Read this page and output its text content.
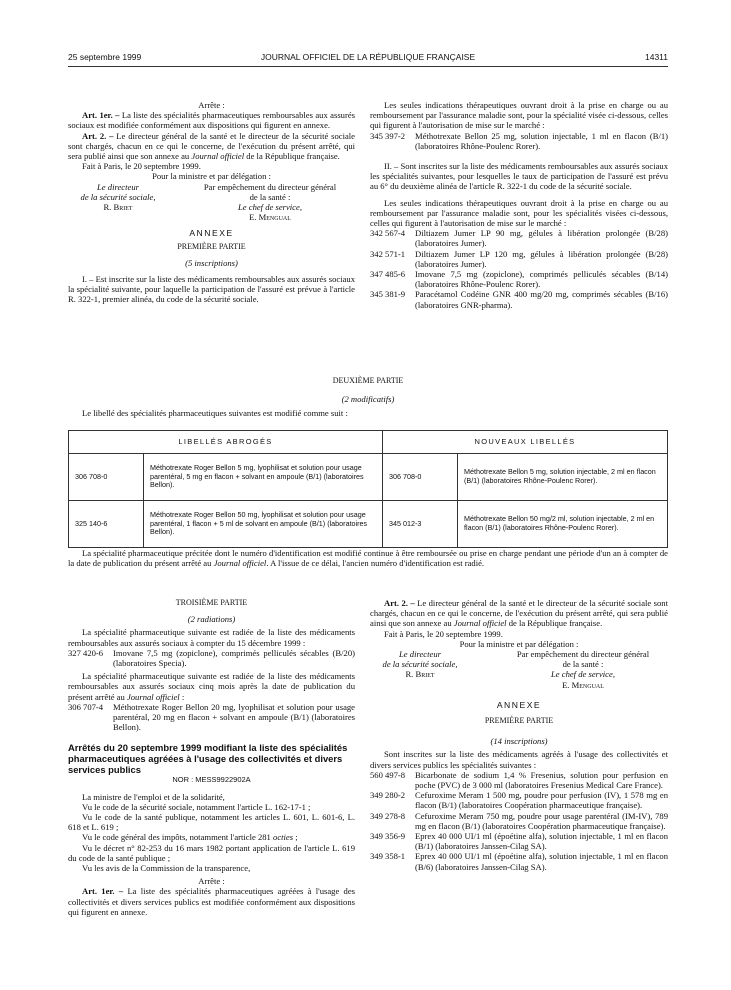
25 septembre 1999	JOURNAL OFFICIEL DE LA RÉPUBLIQUE FRANÇAISE	14311

Arrête :

Art. 1er. – La liste des spécialités pharmaceutiques remboursables aux assurés sociaux est modifiée conformément aux dispositions qui figurent en annexe.

Art. 2. – Le directeur général de la santé et le directeur de la sécurité sociale sont chargés, chacun en ce qui le concerne, de l'exécution du présent arrêté, qui sera publié ainsi que son annexe au Journal officiel de la République française.

Fait à Paris, le 20 septembre 1999.

Pour la ministre et par délégation :

Le directeur

de la sécurité sociale,

R. Briet

Par empêchement du directeur général

de la santé :

Le chef de service,

E. Mengual

ANNEXE

PREMIÈRE PARTIE

(5 inscriptions)

I. – Est inscrite sur la liste des médicaments remboursables aux assurés sociaux la spécialité suivante, pour laquelle la participation de l'assuré est prévue à l'article R. 322-1, premier alinéa, du code de la sécurité sociale.

Les seules indications thérapeutiques ouvrant droit à la prise en charge ou au remboursement par l'assurance maladie sont, pour la spécialité visée ci-dessous, celles qui figurent à l'autorisation de mise sur le marché :

345 397-2	Méthotrexate Bellon 25 mg, solution injectable, 1 ml en flacon (B/1) (laboratoires Rhône-Poulenc Rorer).

II. – Sont inscrites sur la liste des médicaments remboursables aux assurés sociaux les spécialités suivantes, pour lesquelles le taux de participation de l'assuré est prévu au 6° du deuxième alinéa de l'article R. 322-1 du code de la sécurité sociale.

Les seules indications thérapeutiques ouvrant droit à la prise en charge ou au remboursement par l'assurance maladie sont, pour les spécialités visées ci-dessous, celles qui figurent à l'autorisation de mise sur le marché :

342 567-4	Diltiazem Jumer LP 90 mg, gélules à libération prolongée (B/28) (laboratoires Jumer).
342 571-1	Diltiazem Jumer LP 120 mg, gélules à libération prolongée (B/28) (laboratoires Jumer).
347 485-6	Imovane 7,5 mg (zopiclone), comprimés pelliculés sécables (B/14) (laboratoires Rhône-Poulenc Rorer).
345 381-9	Paracétamol Codéine GNR 400 mg/20 mg, comprimés sécables (B/16) (laboratoires GNR-pharma).

DEUXIÈME PARTIE

(2 modificatifs)

Le libellé des spécialités pharmaceutiques suivantes est modifié comme suit :

LIBELLÉS ABROGÉS		NOUVEAUX LIBELLÉS	
306 708-0	Méthotrexate Roger Bellon 5 mg, lyophilisat et solution pour usage parentéral, 5 mg en flacon + solvant en ampoule (B/1) (laboratoires Bellon).	306 708-0	Méthotrexate Bellon 5 mg, solution injectable, 2 ml en flacon (B/1) (laboratoires Rhône-Poulenc Rorer).
325 140-6	Méthotrexate Roger Bellon 50 mg, lyophilisat et solution pour usage parentéral, 1 flacon + 5 ml de solvant en ampoule (B/1) (laboratoires Bellon).	345 012-3	Méthotrexate Bellon 50 mg/2 ml, solution injectable, 2 ml en flacon (B/1) (laboratoires Rhône-Poulenc Rorer).

La spécialité pharmaceutique précitée dont le numéro d'identification est modifié continue à être remboursée ou prise en charge pendant une période d'un an à compter de la date de publication du présent arrêté au Journal officiel. A l'issue de ce délai, l'ancien numéro d'identification est radié.

TROISIÈME PARTIE

(2 radiations)

La spécialité pharmaceutique suivante est radiée de la liste des médicaments remboursables aux assurés sociaux à compter du 15 décembre 1999 :

327 420-6	Imovane 7,5 mg (zopiclone), comprimés pelliculés sécables (B/20) (laboratoires Specia).

La spécialité pharmaceutique suivante est radiée de la liste des médicaments remboursables aux assurés sociaux cinq mois après la date de publication du présent arrêté au Journal officiel :

306 707-4	Méthotrexate Roger Bellon 20 mg, lyophilisat et solution pour usage parentéral, 20 mg en flacon + solvant en ampoule (B/1) (laboratoires Bellon).

Arrêtés du 20 septembre 1999 modifiant la liste des spécialités pharmaceutiques agréées à l'usage des collectivités et divers services publics

NOR : MESS9922902A

La ministre de l'emploi et de la solidarité,

Vu le code de la sécurité sociale, notamment l'article L. 162-17-1 ;

Vu le code de la santé publique, notamment les articles L. 601, L. 601-6, L. 618 et L. 619 ;

Vu le code général des impôts, notamment l'article 281 octies ;

Vu le décret n° 82-253 du 16 mars 1982 portant application de l'article L. 619 du code de la santé publique ;

Vu les avis de la Commission de la transparence,

Arrête :

Art. 1er. – La liste des spécialités pharmaceutiques agréées à l'usage des collectivités et divers services publics est modifiée conformément aux dispositions qui figurent en annexe.

Art. 2. – Le directeur général de la santé et le directeur de la sécurité sociale sont chargés, chacun en ce qui le concerne, de l'exécution du présent arrêté, qui sera publié ainsi que son annexe au Journal officiel de la République française.

Fait à Paris, le 20 septembre 1999.

Pour la ministre et par délégation :

Le directeur

de la sécurité sociale,

R. Briet

Par empêchement du directeur général

de la santé :

Le chef de service,

E. Mengual

ANNEXE

PREMIÈRE PARTIE

(14 inscriptions)

Sont inscrites sur la liste des médicaments agréés à l'usage des collectivités et divers services publics les spécialités suivantes :

560 497-8	Bicarbonate de sodium 1,4 % Fresenius, solution pour perfusion en poche (PVC) de 3 000 ml (laboratoires Fresenius Medical Care France).
349 280-2	Cefuroxime Meram 1 500 mg, poudre pour perfusion (IV), 1 578 mg en flacon (B/1) (laboratoires Coopération pharmaceutique française).
349 278-8	Cefuroxime Meram 750 mg, poudre pour usage parentéral (IM-IV), 789 mg en flacon (B/1) (laboratoires Coopération pharmaceutique française).
349 356-9	Eprex 40 000 UI/1 ml (époétine alfa), solution injectable, 1 ml en flacon (B/1) (laboratoires Janssen-Cilag SA).
349 358-1	Eprex 40 000 UI/1 ml (époétine alfa), solution injectable, 1 ml en flacon (B/6) (laboratoires Janssen-Cilag SA).
